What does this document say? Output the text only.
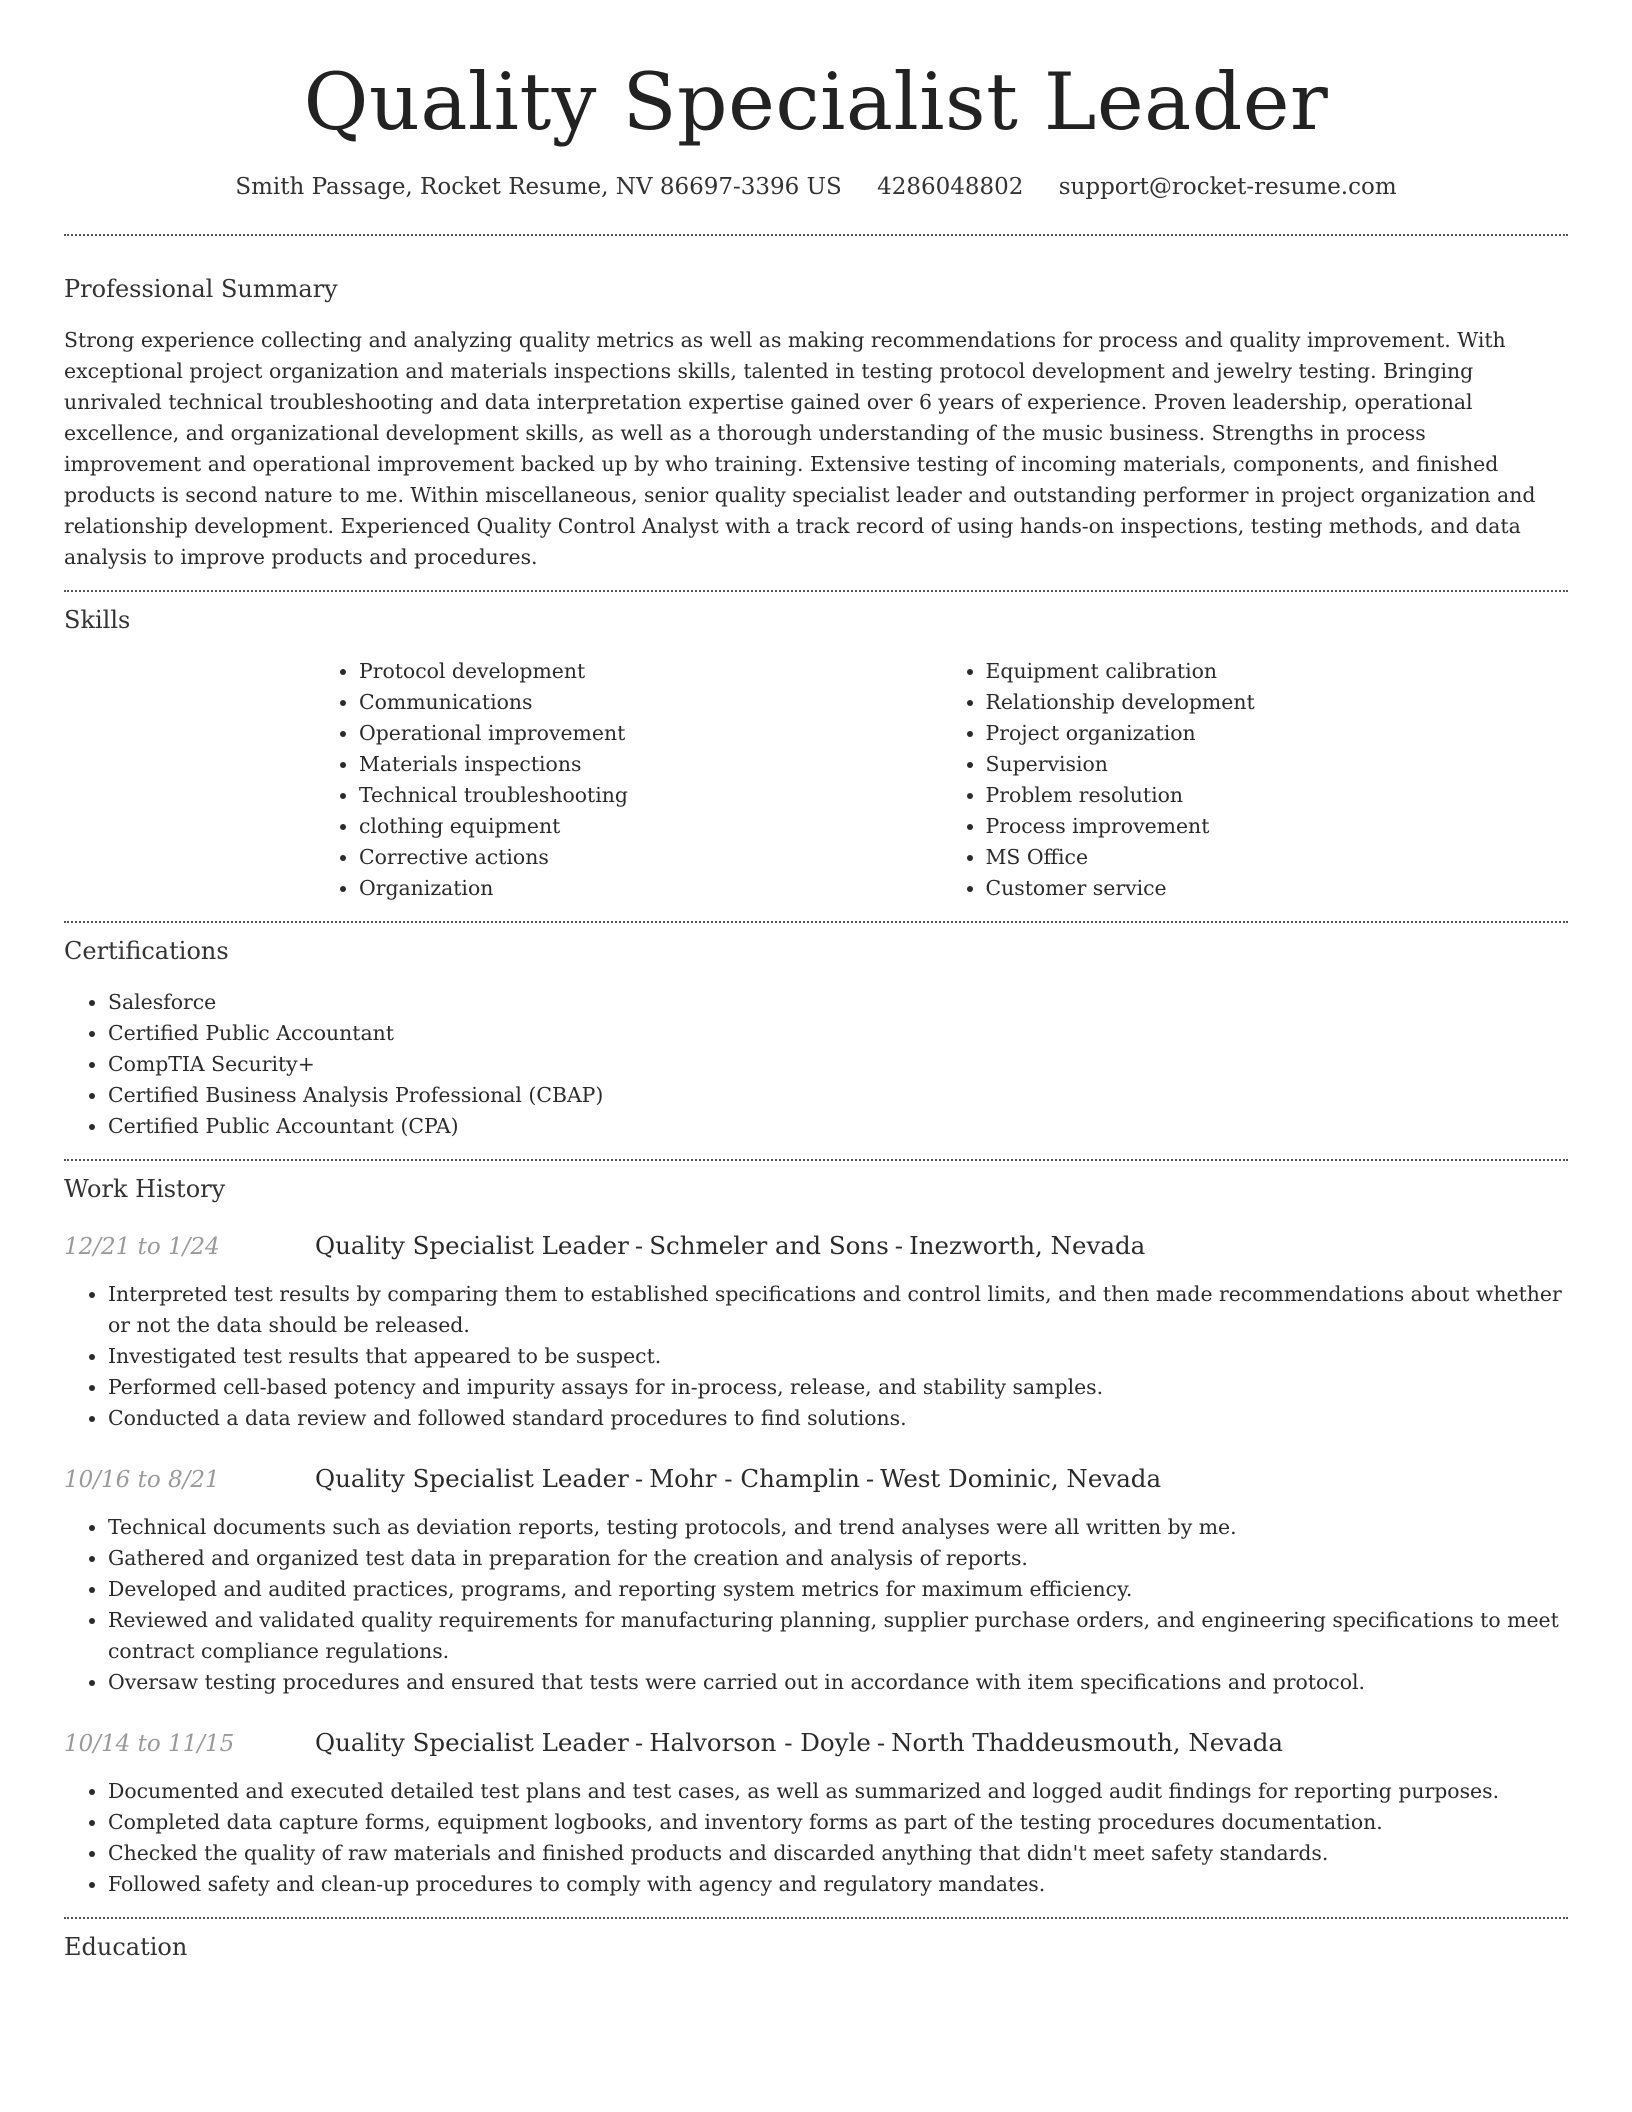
Quality Specialist Leader
Smith Passage, Rocket Resume, NV 86697-3396 US 4286048802 support@rocket-resume.com
Professional Summary

Strong experience collecting and analyzing quality metrics as well as making recommendations for process and quality improvement. With exceptional project organization and materials inspections skills, talented in testing protocol development and jewelry testing. Bringing unrivaled technical troubleshooting and data interpretation expertise gained over 6 years of experience. Proven leadership, operational excellence, and organizational development skills, as well as a thorough understanding of the music business. Strengths in process improvement and operational improvement backed up by who training. Extensive testing of incoming materials, components, and finished products is second nature to me. Within miscellaneous, senior quality specialist leader and outstanding performer in project organization and relationship development. Experienced Quality Control Analyst with a track record of using hands-on inspections, testing methods, and data analysis to improve products and procedures.

Skills
• Protocol development
• Communications
• Operational improvement
• Materials inspections
• Technical troubleshooting
• clothing equipment
• Corrective actions
• Organization
• Equipment calibration
• Relationship development
• Project organization
• Supervision
• Problem resolution
• Process improvement
• MS Office
• Customer service
Certifications
• Salesforce
• Certified Public Accountant
• CompTIA Security+
• Certified Business Analysis Professional (CBAP)
• Certified Public Accountant (CPA)
Work History
12/21 to 1/24	Quality Specialist Leader - Schmeler and Sons - Inezworth, Nevada
• Interpreted test results by comparing them to established specifications and control limits, and then made recommendations about whether or not the data should be released.
• Investigated test results that appeared to be suspect.
• Performed cell-based potency and impurity assays for in-process, release, and stability samples.
• Conducted a data review and followed standard procedures to find solutions.
10/16 to 8/21	Quality Specialist Leader - Mohr - Champlin - West Dominic, Nevada
• Technical documents such as deviation reports, testing protocols, and trend analyses were all written by me.
• Gathered and organized test data in preparation for the creation and analysis of reports.
• Developed and audited practices, programs, and reporting system metrics for maximum efficiency.
• Reviewed and validated quality requirements for manufacturing planning, supplier purchase orders, and engineering specifications to meet contract compliance regulations.
• Oversaw testing procedures and ensured that tests were carried out in accordance with item specifications and protocol.
10/14 to 11/15	Quality Specialist Leader - Halvorson - Doyle - North Thaddeusmouth, Nevada
• Documented and executed detailed test plans and test cases, as well as summarized and logged audit findings for reporting purposes.
• Completed data capture forms, equipment logbooks, and inventory forms as part of the testing procedures documentation.
• Checked the quality of raw materials and finished products and discarded anything that didn't meet safety standards.
• Followed safety and clean-up procedures to comply with agency and regulatory mandates.
Education
